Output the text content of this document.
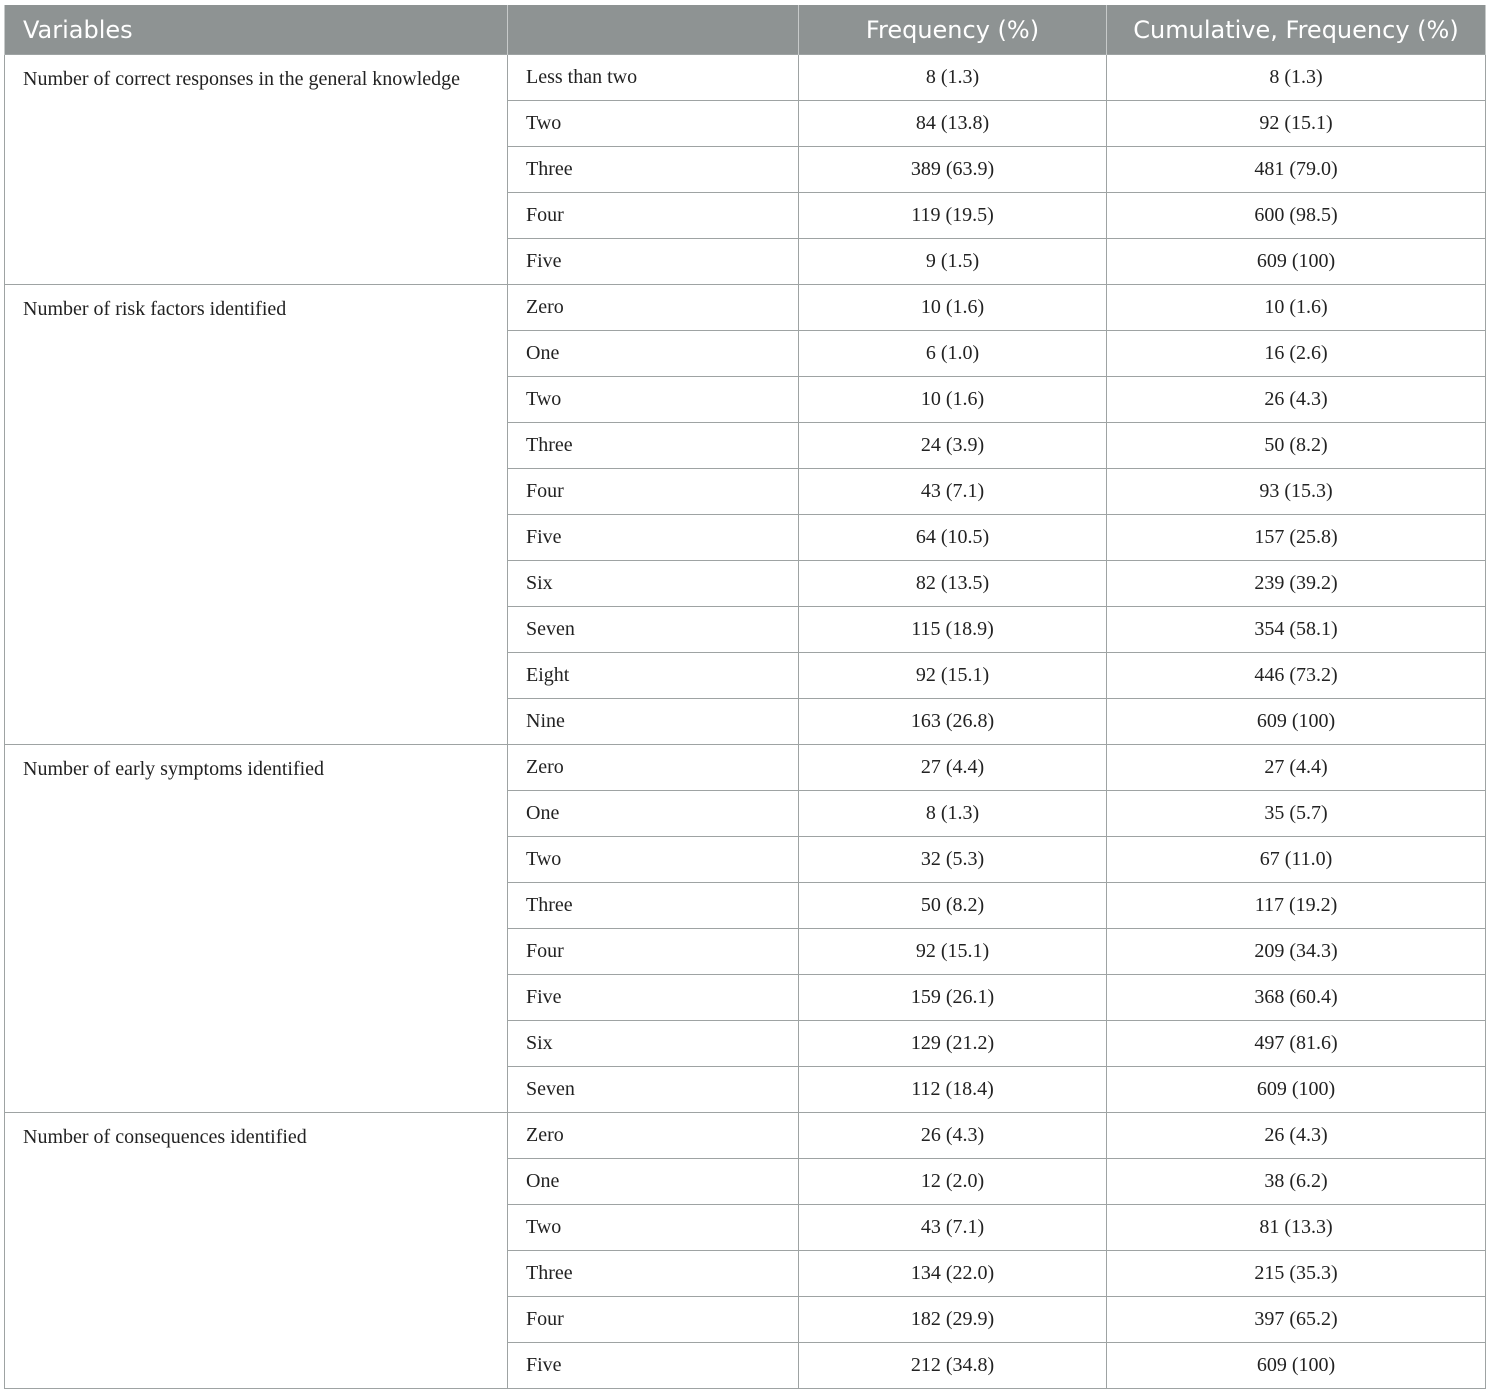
Variables		Frequency (%)	Cumulative, Frequency (%)
Number of correct responses in the general knowledge	Less than two	8 (1.3)	8 (1.3)
	Two	84 (13.8)	92 (15.1)
	Three	389 (63.9)	481 (79.0)
	Four	119 (19.5)	600 (98.5)
	Five	9 (1.5)	609 (100)
Number of risk factors identified	Zero	10 (1.6)	10 (1.6)
	One	6 (1.0)	16 (2.6)
	Two	10 (1.6)	26 (4.3)
	Three	24 (3.9)	50 (8.2)
	Four	43 (7.1)	93 (15.3)
	Five	64 (10.5)	157 (25.8)
	Six	82 (13.5)	239 (39.2)
	Seven	115 (18.9)	354 (58.1)
	Eight	92 (15.1)	446 (73.2)
	Nine	163 (26.8)	609 (100)
Number of early symptoms identified	Zero	27 (4.4)	27 (4.4)
	One	8 (1.3)	35 (5.7)
	Two	32 (5.3)	67 (11.0)
	Three	50 (8.2)	117 (19.2)
	Four	92 (15.1)	209 (34.3)
	Five	159 (26.1)	368 (60.4)
	Six	129 (21.2)	497 (81.6)
	Seven	112 (18.4)	609 (100)
Number of consequences identified	Zero	26 (4.3)	26 (4.3)
	One	12 (2.0)	38 (6.2)
	Two	43 (7.1)	81 (13.3)
	Three	134 (22.0)	215 (35.3)
	Four	182 (29.9)	397 (65.2)
	Five	212 (34.8)	609 (100)
